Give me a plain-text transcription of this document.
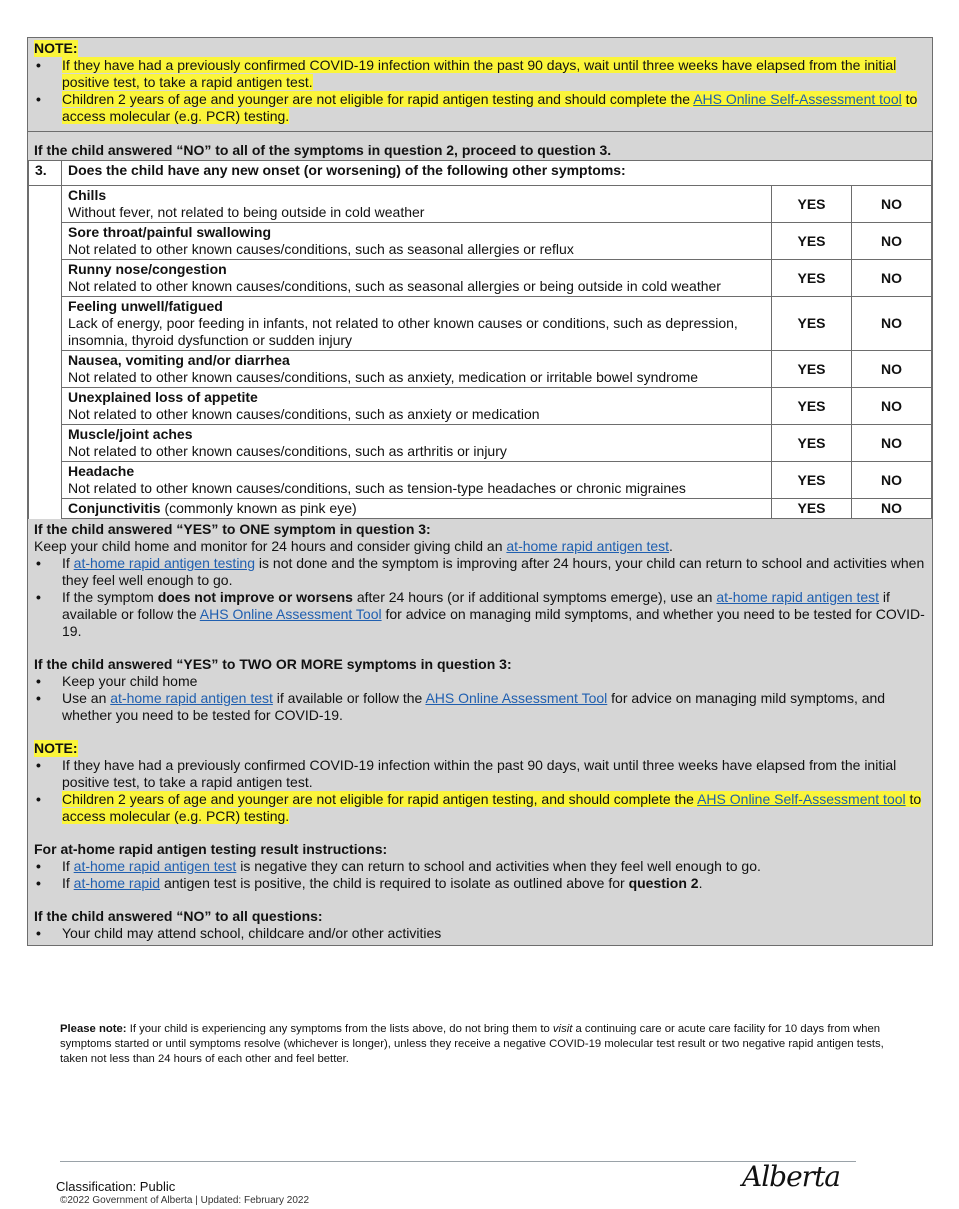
NOTE:
• If they have had a previously confirmed COVID-19 infection within the past 90 days, wait until three weeks have elapsed from the initial positive test, to take a rapid antigen test.
• Children 2 years of age and younger are not eligible for rapid antigen testing and should complete the AHS Online Self-Assessment tool to access molecular (e.g. PCR) testing.
If the child answered “NO” to all of the symptoms in question 2, proceed to question 3.
3.	Does the child have any new onset (or worsening) of the following other symptoms:		
	Chills
Without fever, not related to being outside in cold weather	YES	NO
	Sore throat/painful swallowing
Not related to other known causes/conditions, such as seasonal allergies or reflux	YES	NO
	Runny nose/congestion
Not related to other known causes/conditions, such as seasonal allergies or being outside in cold weather	YES	NO
	Feeling unwell/fatigued
Lack of energy, poor feeding in infants, not related to other known causes or conditions, such as depression, insomnia, thyroid dysfunction or sudden injury	YES	NO
	Nausea, vomiting and/or diarrhea
Not related to other known causes/conditions, such as anxiety, medication or irritable bowel syndrome	YES	NO
	Unexplained loss of appetite
Not related to other known causes/conditions, such as anxiety or medication	YES	NO
	Muscle/joint aches
Not related to other known causes/conditions, such as arthritis or injury	YES	NO
	Headache
Not related to other known causes/conditions, such as tension-type headaches or chronic migraines	YES	NO
	Conjunctivitis (commonly known as pink eye)	YES	NO
If the child answered “YES” to ONE symptom in question 3:
Keep your child home and monitor for 24 hours and consider giving child an at-home rapid antigen test.
• If at-home rapid antigen testing is not done and the symptom is improving after 24 hours, your child can return to school and activities when they feel well enough to go.
• If the symptom does not improve or worsens after 24 hours (or if additional symptoms emerge), use an at-home rapid antigen test if available or follow the AHS Online Assessment Tool for advice on managing mild symptoms, and whether you need to be tested for COVID-19.
If the child answered “YES” to TWO OR MORE symptoms in question 3:
• Keep your child home
• Use an at-home rapid antigen test if available or follow the AHS Online Assessment Tool for advice on managing mild symptoms, and whether you need to be tested for COVID-19.
NOTE:
• If they have had a previously confirmed COVID-19 infection within the past 90 days, wait until three weeks have elapsed from the initial positive test, to take a rapid antigen test.
• Children 2 years of age and younger are not eligible for rapid antigen testing, and should complete the AHS Online Self-Assessment tool to access molecular (e.g. PCR) testing.
For at-home rapid antigen testing result instructions:
• If at-home rapid antigen test is negative they can return to school and activities when they feel well enough to go.
• If at-home rapid antigen test is positive, the child is required to isolate as outlined above for question 2.
If the child answered “NO” to all questions:
• Your child may attend school, childcare and/or other activities
Please note: If your child is experiencing any symptoms from the lists above, do not bring them to visit a continuing care or acute care facility for 10 days from when symptoms started or until symptoms resolve (whichever is longer), unless they receive a negative COVID-19 molecular test result or two negative rapid antigen tests, taken not less than 24 hours of each other and feel better.
Classification: Public
©2022 Government of Alberta | Updated: February 2022
Alberta
